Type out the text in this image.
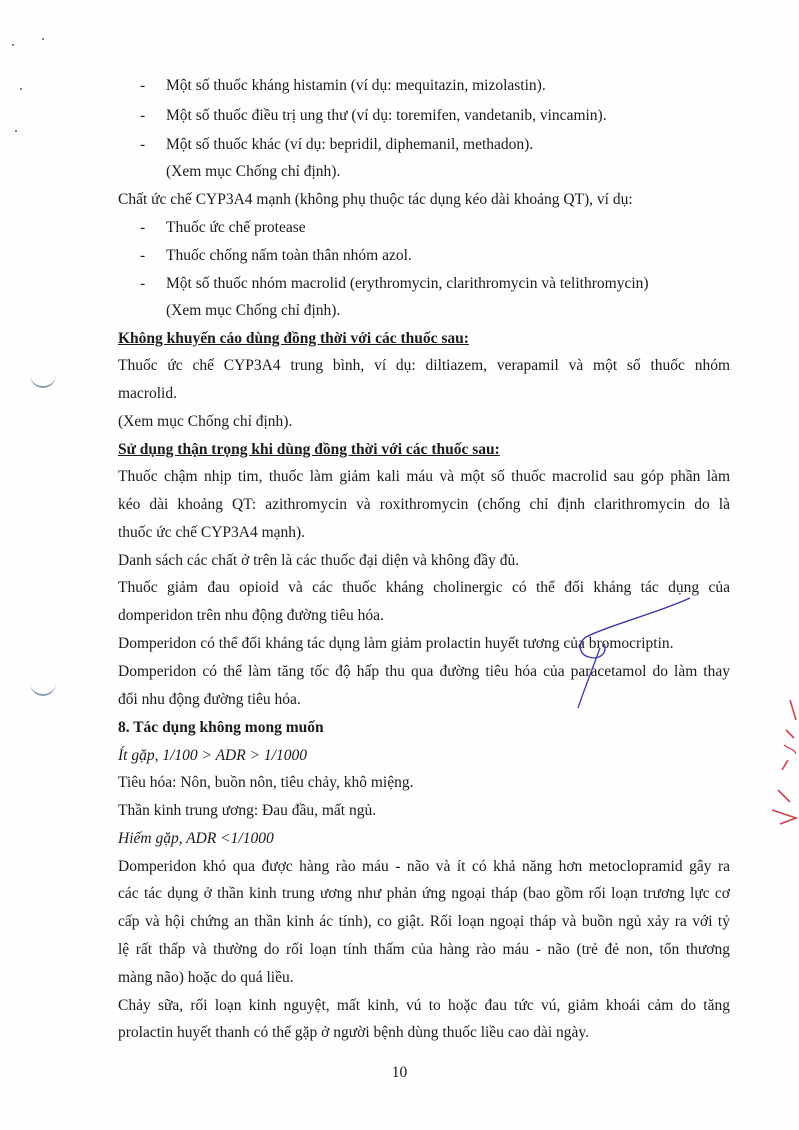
- Một số thuốc kháng histamin (ví dụ: mequitazin, mizolastin).
- Một số thuốc điều trị ung thư (ví dụ: toremifen, vandetanib, vincamin).
- Một số thuốc khác (ví dụ: bepridil, diphemanil, methadon).
(Xem mục Chống chỉ định).
Chất ức chế CYP3A4 mạnh (không phụ thuộc tác dụng kéo dài khoảng QT), ví dụ:
- Thuốc ức chế protease
- Thuốc chống nấm toàn thân nhóm azol.
- Một số thuốc nhóm macrolid (erythromycin, clarithromycin và telithromycin)
(Xem mục Chống chỉ định).
Không khuyến cáo dùng đồng thời với các thuốc sau:
Thuốc ức chế CYP3A4 trung bình, ví dụ: diltiazem, verapamil và một số thuốc nhóm
macrolid.
(Xem mục Chống chỉ định).
Sử dụng thận trọng khi dùng đồng thời với các thuốc sau:
Thuốc chậm nhịp tim, thuốc làm giảm kali máu và một số thuốc macrolid sau góp phần làm
kéo dài khoảng QT: azithromycin và roxithromycin (chống chỉ định clarithromycin do là
thuốc ức chế CYP3A4 mạnh).
Danh sách các chất ở trên là các thuốc đại diện và không đầy đủ.
Thuốc giảm đau opioid và các thuốc kháng cholinergic có thể đối kháng tác dụng của
domperidon trên nhu động đường tiêu hóa.
Domperidon có thể đối kháng tác dụng làm giảm prolactin huyết tương của bromocriptin.
Domperidon có thể làm tăng tốc độ hấp thu qua đường tiêu hóa của paracetamol do làm thay
đổi nhu động đường tiêu hóa.
8. Tác dụng không mong muốn
Ít gặp, 1/100 > ADR > 1/1000
Tiêu hóa: Nôn, buồn nôn, tiêu chảy, khô miệng.
Thần kinh trung ương: Đau đầu, mất ngủ.
Hiếm gặp, ADR <1/1000
Domperidon khó qua được hàng rào máu - não và ít có khả năng hơn metoclopramid gây ra
các tác dụng ở thần kinh trung ương như phản ứng ngoại tháp (bao gồm rối loạn trương lực cơ
cấp và hội chứng an thần kinh ác tính), co giật. Rối loạn ngoại tháp và buồn ngủ xảy ra với tỷ
lệ rất thấp và thường do rối loạn tính thấm của hàng rào máu - não (trẻ đẻ non, tổn thương
màng não) hoặc do quá liều.
Chảy sữa, rối loạn kinh nguyệt, mất kinh, vú to hoặc đau tức vú, giảm khoái cảm do tăng
prolactin huyết thanh có thể gặp ở người bệnh dùng thuốc liều cao dài ngày.
10
